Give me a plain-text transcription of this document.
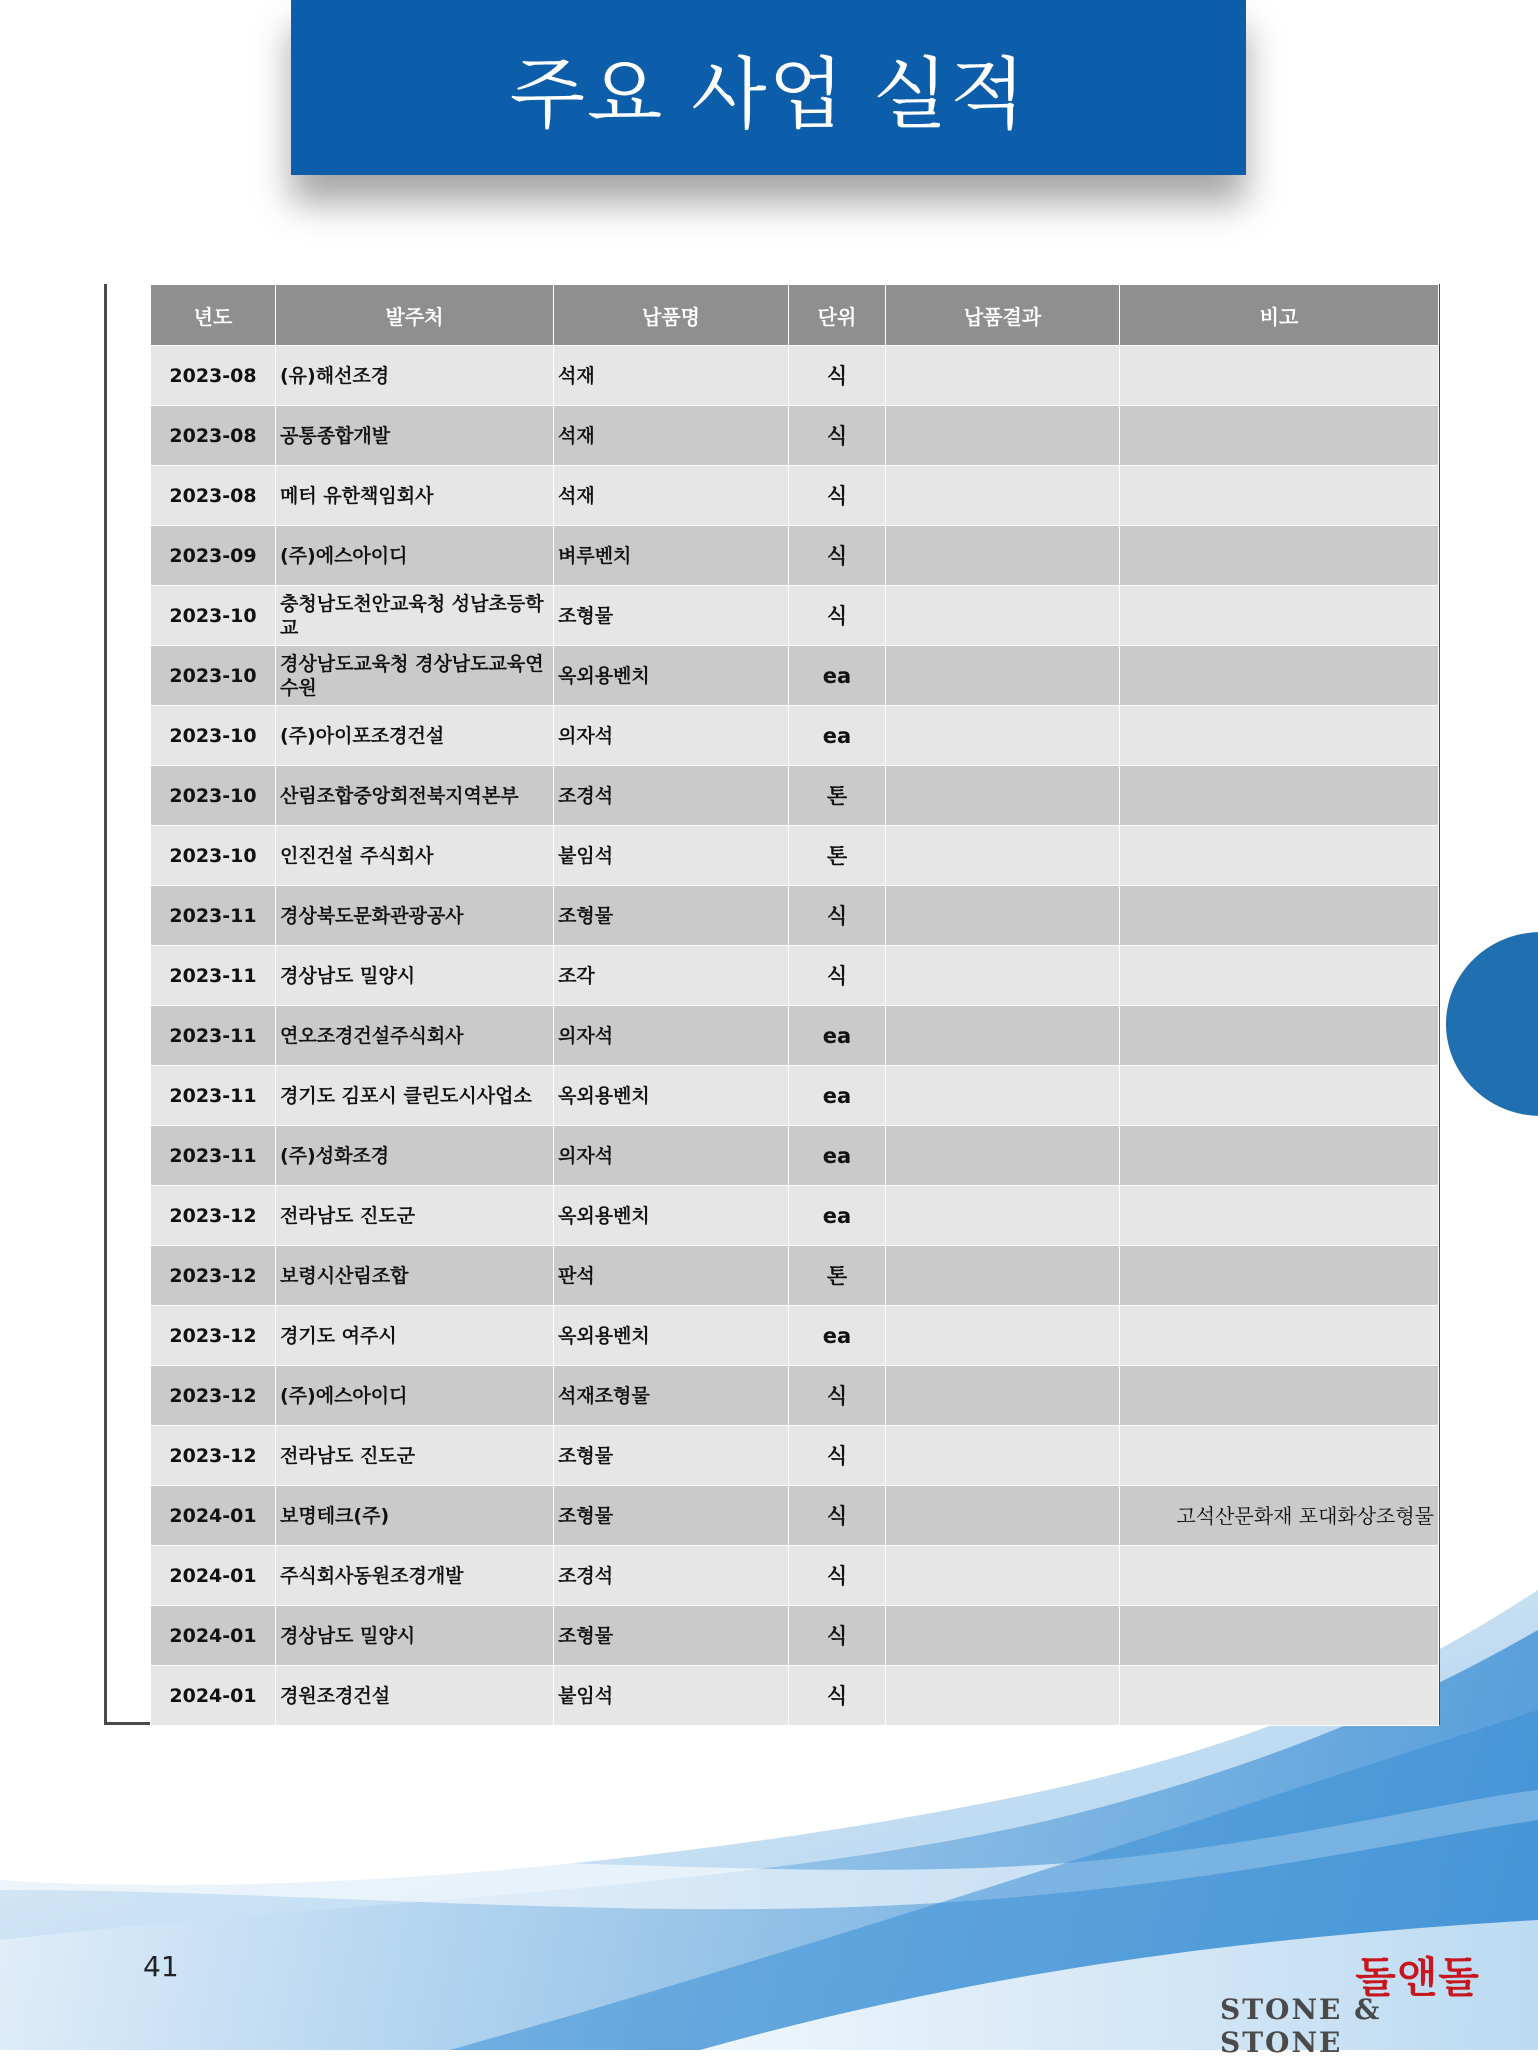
주요 사업 실적
년도	발주처	납품명	단위	납품결과	비고
2023-08	(유)해선조경	석재	식		
2023-08	공통종합개발	석재	식		
2023-08	메터 유한책임회사	석재	식		
2023-09	(주)에스아이디	벼루벤치	식		
2023-10	충청남도천안교육청 성남초등학교	조형물	식		
2023-10	경상남도교육청 경상남도교육연수원	옥외용벤치	ea		
2023-10	(주)아이포조경건설	의자석	ea		
2023-10	산림조합중앙회전북지역본부	조경석	톤		
2023-10	인진건설 주식회사	붙임석	톤		
2023-11	경상북도문화관광공사	조형물	식		
2023-11	경상남도 밀양시	조각	식		
2023-11	연오조경건설주식회사	의자석	ea		
2023-11	경기도 김포시 클린도시사업소	옥외용벤치	ea		
2023-11	(주)성화조경	의자석	ea		
2023-12	전라남도 진도군	옥외용벤치	ea		
2023-12	보령시산림조합	판석	톤		
2023-12	경기도 여주시	옥외용벤치	ea		
2023-12	(주)에스아이디	석재조형물	식		
2023-12	전라남도 진도군	조형물	식		
2024-01	보명테크(주)	조형물	식		고석산문화재 포대화상조형물
2024-01	주식회사동원조경개발	조경석	식		
2024-01	경상남도 밀양시	조형물	식		
2024-01	경원조경건설	붙임석	식		
41	돌앤돌
STONE & STONE
